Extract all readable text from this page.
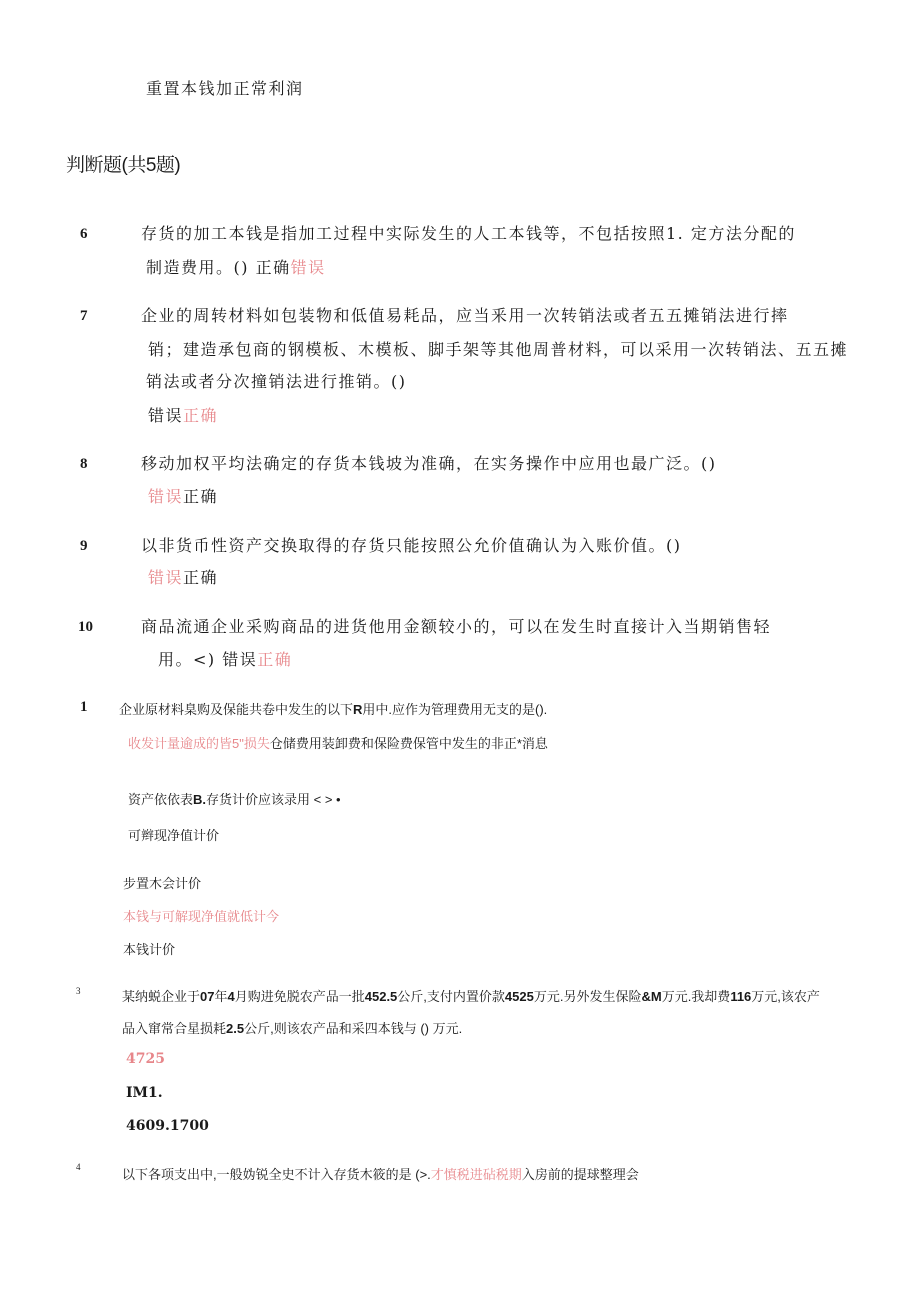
重置本钱加正常利润
判断题(共5题)
6	存货的加工本钱是指加工过程中实际发生的人工本钱等，不包括按照1. 定方法分配的
制造费用。() 正确错误
7	企业的周转材料如包装物和低值易耗品，应当釆用一次转销法或者五五摊销法进行摔
销；建造承包商的钢模板、木模板、脚手架等其他周普材料，可以采用一次转销法、五五摊
销法或者分次撞销法进行推销。()
错误正确
8	移动加权平均法确定的存货本钱坡为准确，在实务操作中应用也最广泛。()
错误正确
9	以非货币性资产交换取得的存货只能按照公允价值确认为入账价值。()
错误正确
10	商品流通企业采购商品的进货他用金额较小的，可以在发生时直接计入当期销售轻
用。<) 错误正确
1 企业原材料臬购及保能共卷中发生的以下R用中.应作为管理费用无支的是().
收发计量逾成的皆5"损失仓储费用装卸费和保险费保管中发生的非正*消息
资产依依表B.存货计价应该录用 < > •
可辫现净值计价
步置木会计价
本钱与可解现净值就低计今
本钱计价
3	某纳蜕企业于07年4月购进免脱农产品一批452.5公斤,支付内置价款4525万元.另外发生保险&M万元.我却费116万元,该农产
品入窜常合星损耗2.5公斤,则该农产品和采四本钱与 () 万元.
4725
IM1.
4609.1700
4	以下各项支出中,一般妫锐全史不计入存货木筱的是 (>.才慎税进砧税期入房前的提球整理会
